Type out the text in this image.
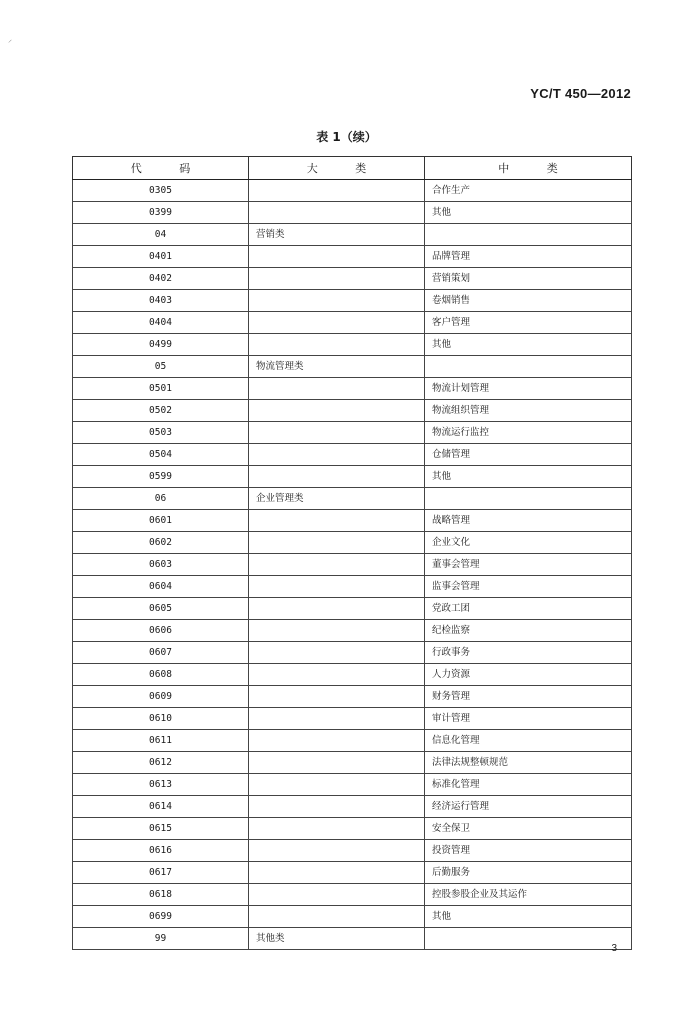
⸝
YC/T 450—2012
表 1（续）
代 码	大 类	中 类
0305		合作生产
0399		其他
04	营销类	
0401		品牌管理
0402		营销策划
0403		卷烟销售
0404		客户管理
0499		其他
05	物流管理类	
0501		物流计划管理
0502		物流组织管理
0503		物流运行监控
0504		仓储管理
0599		其他
06	企业管理类	
0601		战略管理
0602		企业文化
0603		董事会管理
0604		监事会管理
0605		党政工团
0606		纪检监察
0607		行政事务
0608		人力资源
0609		财务管理
0610		审计管理
0611		信息化管理
0612		法律法规整顿规范
0613		标准化管理
0614		经济运行管理
0615		安全保卫
0616		投资管理
0617		后勤服务
0618		控股参股企业及其运作
0699		其他
99	其他类	
3
